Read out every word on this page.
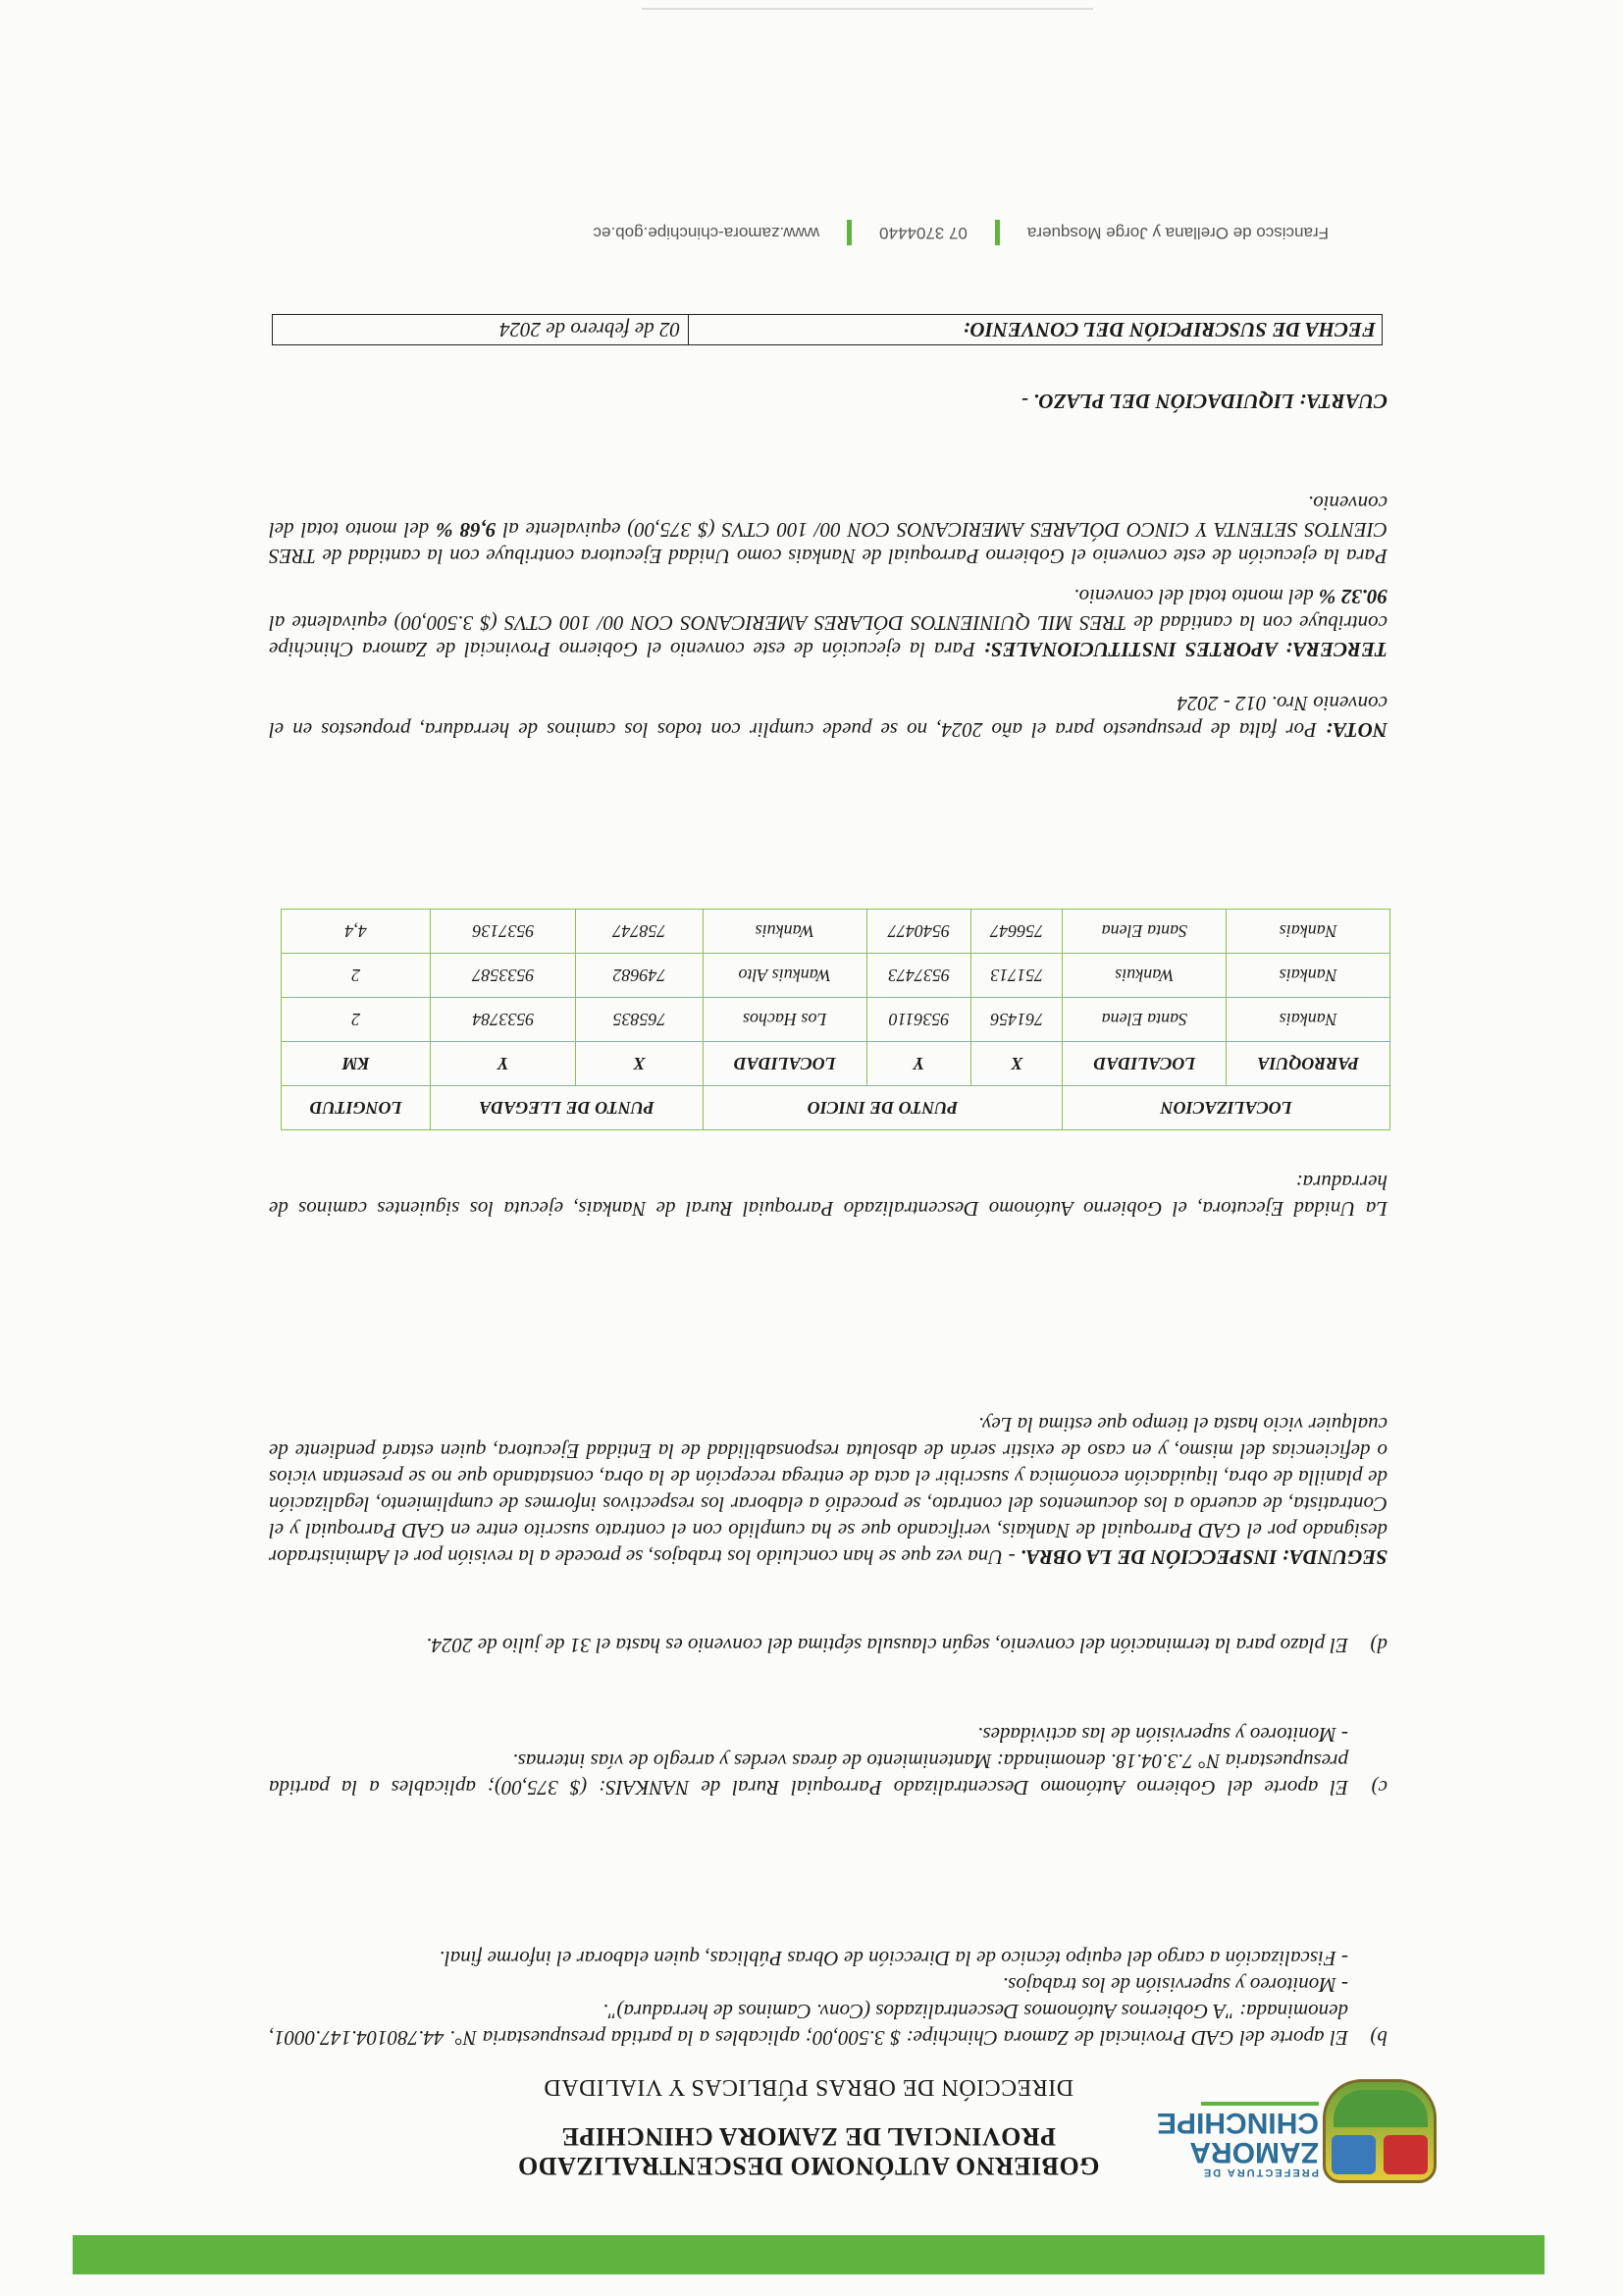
PREFECTURA DE
ZAMORA
CHINCHIPE
GOBIERNO AUTÓNOMO DESCENTRALIZADO
PROVINCIAL DE ZAMORA CHINCHIPE
DIRECCIÓN DE OBRAS PÚBLICAS Y VIALIDAD

b)
El aporte del GAD Provincial de Zamora Chinchipe: $ 3.500,00; aplicables a la partida presupuestaria N°. 44.780104.147.0001, denominada: "A Gobiernos Autónomos Descentralizados (Conv. Caminos de herradura)".

- Monitoreo y supervisión de los trabajos.

- Fiscalización a cargo del equipo técnico de la Dirección de Obras Públicas, quien elaborar el informe final.

c)
El aporte del Gobierno Autónomo Descentralizado Parroquial Rural de NANKAIS: ($ 375,00); aplicables a la partida presupuestaria N° 7.3.04.18. denominada: Mantenimiento de áreas verdes y arreglo de vías internas.

- Monitoreo y supervisión de las actividades.

d)
El plazo para la terminación del convenio, según clausula séptima del convenio es hasta el 31 de julio de 2024.

SEGUNDA: INSPECCIÓN DE LA OBRA. - Una vez que se han concluido los trabajos, se procede a la revisión por el Administrador designado por el GAD Parroquial de Nankais, verificando que se ha cumplido con el contrato suscrito entre en GAD Parroquial y el Contratista, de acuerdo a los documentos del contrato, se procedió a elaborar los respectivos informes de cumplimiento, legalización de planilla de obra, liquidación económica y suscribir el acta de entrega recepción de la obra, constatando que no se presentan vicios o deficiencias del mismo, y en caso de existir serán de absoluta responsabilidad de la Entidad Ejecutora, quien estará pendiente de cualquier vicio hasta el tiempo que estima la Ley.

La Unidad Ejecutora, el Gobierno Autónomo Descentralizado Parroquial Rural de Nankais, ejecuta los siguientes caminos de herradura:

LOCALIZACION		PUNTO DE INICIO			PUNTO DE LLEGADA		LONGITUD
PARROQUIA	LOCALIDAD	X	Y	LOCALIDAD	X	Y	KM
Nankais	Santa Elena	761456	9536110	Los Hachos	765835	9533784	2
Nankais	Wankuis	751713	9537473	Wankuis Alto	749682	9533587	2
Nankais	Santa Elena	756647	9540477	Wankuis	758747	9537136	4,4

NOTA: Por falta de presupuesto para el año 2024, no se puede cumplir con todos los caminos de herradura, propuestos en el convenio Nro. 012 - 2024

TERCERA: APORTES INSTITUCIONALES: Para la ejecución de este convenio el Gobierno Provincial de Zamora Chinchipe contribuye con la cantidad de TRES MIL QUINIENTOS DÓLARES AMERICANOS CON 00/ 100 CTVS ($ 3.500,00) equivalente al 90.32 % del monto total del convenio.

Para la ejecución de este convenio el Gobierno Parroquial de Nankais como Unidad Ejecutora contribuye con la cantidad de TRES CIENTOS SETENTA Y CINCO DÓLARES AMERICANOS CON 00/ 100 CTVS ($ 375,00) equivalente al 9,68 % del monto total del convenio.

CUARTA: LIQUIDACIÓN DEL PLAZO. -

FECHA DE SUSCRIPCIÓN DEL CONVENIO:
02 de febrero de 2024
Francisco de Orellana y Jorge Mosquera
07 3704440
www.zamora-chinchipe.gob.ec
